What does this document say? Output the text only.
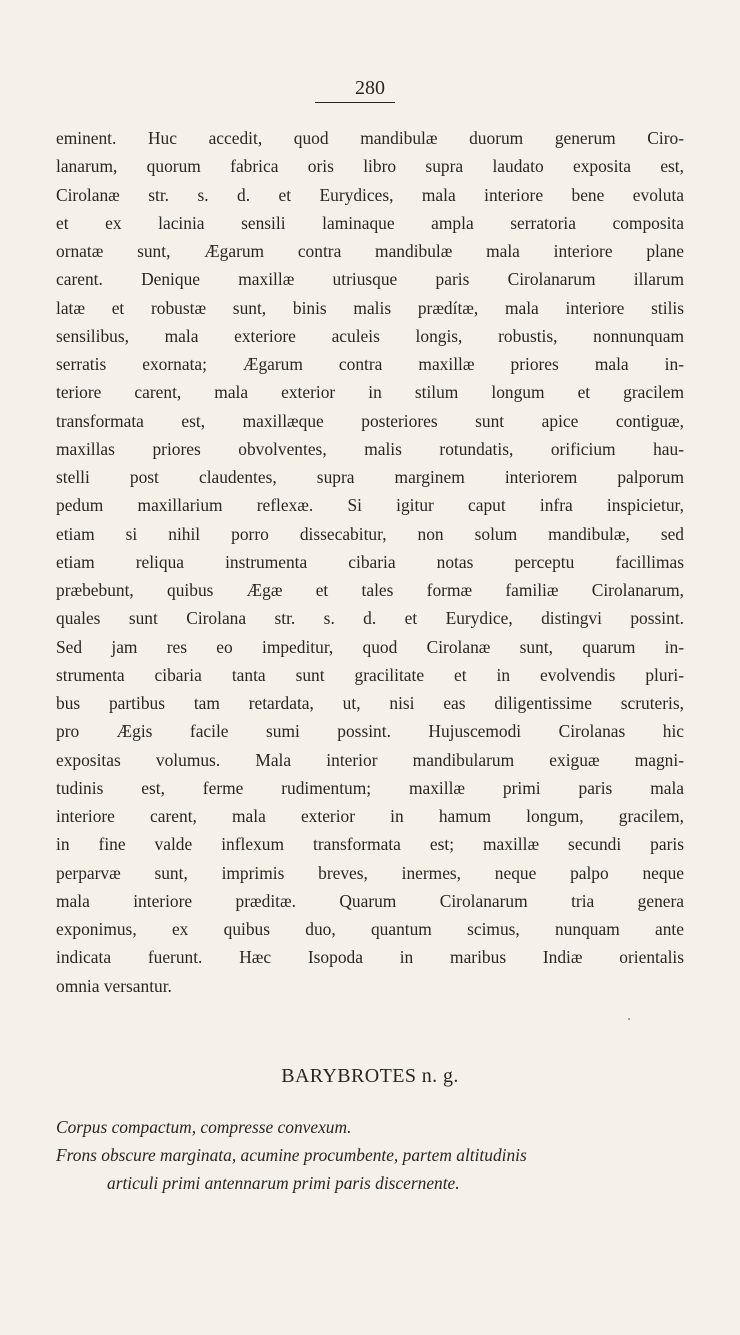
280
eminent. Huc accedit, quod mandibulæ duorum generum Ciro-
lanarum, quorum fabrica oris libro supra laudato exposita est,
Cirolanæ str. s. d. et Eurydices, mala interiore bene evoluta
et ex lacinia sensili laminaque ampla serratoria composita
ornatæ sunt, Ægarum contra mandibulæ mala interiore plane
carent. Denique maxillæ utriusque paris Cirolanarum illarum
latæ et robustæ sunt, binis malis prædítæ, mala interiore stilis
sensilibus, mala exteriore aculeis longis, robustis, nonnunquam
serratis exornata; Ægarum contra maxillæ priores mala in-
teriore carent, mala exterior in stilum longum et gracilem
transformata est, maxillæque posteriores sunt apice contiguæ,
maxillas priores obvolventes, malis rotundatis, orificium hau-
stelli post claudentes, supra marginem interiorem palporum
pedum maxillarium reflexæ. Si igitur caput infra inspicietur,
etiam si nihil porro dissecabitur, non solum mandibulæ, sed
etiam reliqua instrumenta cibaria notas perceptu facillimas
præbebunt, quibus Ægæ et tales formæ familiæ Cirolanarum,
quales sunt Cirolana str. s. d. et Eurydice, distingvi possint.
Sed jam res eo impeditur, quod Cirolanæ sunt, quarum in-
strumenta cibaria tanta sunt gracilitate et in evolvendis pluri-
bus partibus tam retardata, ut, nisi eas diligentissime scruteris,
pro Ægis facile sumi possint. Hujuscemodi Cirolanas hic
expositas volumus. Mala interior mandibularum exiguæ magni-
tudinis est, ferme rudimentum; maxillæ primi paris mala
interiore carent, mala exterior in hamum longum, gracilem,
in fine valde inflexum transformata est; maxillæ secundi paris
perparvæ sunt, imprimis breves, inermes, neque palpo neque
mala interiore præditæ. Quarum Cirolanarum tria genera
exponimus, ex quibus duo, quantum scimus, nunquam ante
indicata fuerunt. Hæc Isopoda in maribus Indiæ orientalis
omnia versantur.
BARYBROTES n. g.
Corpus compactum, compresse convexum.
Frons obscure marginata, acumine procumbente, partem altitudinis
articuli primi antennarum primi paris discernente.
